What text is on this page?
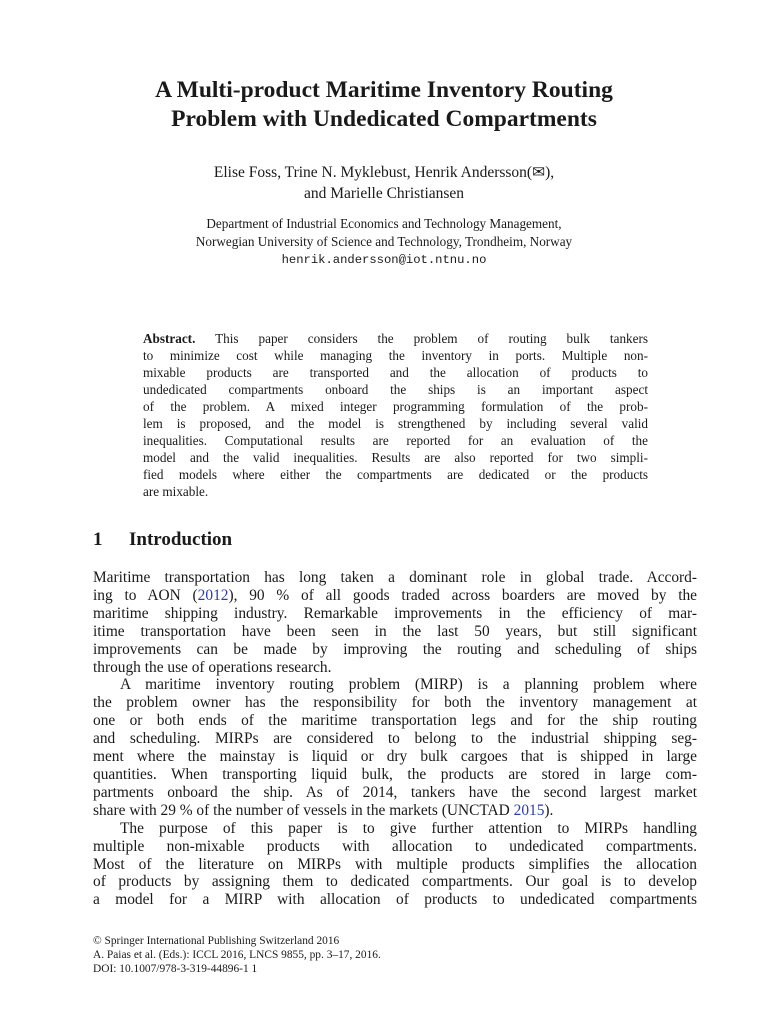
A Multi-product Maritime Inventory Routing
Problem with Undedicated Compartments
Elise Foss, Trine N. Myklebust, Henrik Andersson(✉),
and Marielle Christiansen
Department of Industrial Economics and Technology Management,
Norwegian University of Science and Technology, Trondheim, Norway
henrik.andersson@iot.ntnu.no
Abstract. This paper considers the problem of routing bulk tankers
to minimize cost while managing the inventory in ports. Multiple non-
mixable products are transported and the allocation of products to
undedicated compartments onboard the ships is an important aspect
of the problem. A mixed integer programming formulation of the prob-
lem is proposed, and the model is strengthened by including several valid
inequalities. Computational results are reported for an evaluation of the
model and the valid inequalities. Results are also reported for two simpli-
fied models where either the compartments are dedicated or the products
are mixable.
1 Introduction
Maritime transportation has long taken a dominant role in global trade. Accord-
ing to AON (2012), 90 % of all goods traded across boarders are moved by the
maritime shipping industry. Remarkable improvements in the efficiency of mar-
itime transportation have been seen in the last 50 years, but still significant
improvements can be made by improving the routing and scheduling of ships
through the use of operations research.
A maritime inventory routing problem (MIRP) is a planning problem where
the problem owner has the responsibility for both the inventory management at
one or both ends of the maritime transportation legs and for the ship routing
and scheduling. MIRPs are considered to belong to the industrial shipping seg-
ment where the mainstay is liquid or dry bulk cargoes that is shipped in large
quantities. When transporting liquid bulk, the products are stored in large com-
partments onboard the ship. As of 2014, tankers have the second largest market
share with 29 % of the number of vessels in the markets (UNCTAD 2015).
The purpose of this paper is to give further attention to MIRPs handling
multiple non-mixable products with allocation to undedicated compartments.
Most of the literature on MIRPs with multiple products simplifies the allocation
of products by assigning them to dedicated compartments. Our goal is to develop
a model for a MIRP with allocation of products to undedicated compartments
© Springer International Publishing Switzerland 2016
A. Paias et al. (Eds.): ICCL 2016, LNCS 9855, pp. 3–17, 2016.
DOI: 10.1007/978-3-319-44896-1 1
